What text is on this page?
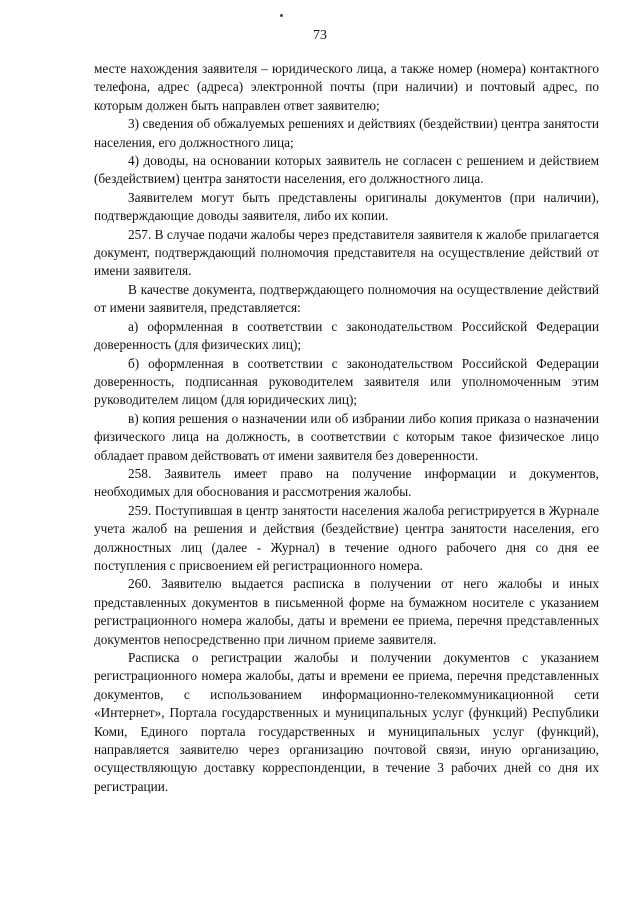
73

месте нахождения заявителя – юридического лица, а также номер (номера) контактного телефона, адрес (адреса) электронной почты (при наличии) и почтовый адрес, по которым должен быть направлен ответ заявителю;

3) сведения об обжалуемых решениях и действиях (бездействии) центра занятости населения, его должностного лица;

4) доводы, на основании которых заявитель не согласен с решением и действием (бездействием) центра занятости населения, его должностного лица.

Заявителем могут быть представлены оригиналы документов (при наличии), подтверждающие доводы заявителя, либо их копии.

257. В случае подачи жалобы через представителя заявителя к жалобе прилагается документ, подтверждающий полномочия представителя на осуществление действий от имени заявителя.

В качестве документа, подтверждающего полномочия на осуществление действий от имени заявителя, представляется:

а) оформленная в соответствии с законодательством Российской Федерации доверенность (для физических лиц);

б) оформленная в соответствии с законодательством Российской Федерации доверенность, подписанная руководителем заявителя или уполномоченным этим руководителем лицом (для юридических лиц);

в) копия решения о назначении или об избрании либо копия приказа о назначении физического лица на должность, в соответствии с которым такое физическое лицо обладает правом действовать от имени заявителя без доверенности.

258. Заявитель имеет право на получение информации и документов, необходимых для обоснования и рассмотрения жалобы.

259. Поступившая в центр занятости населения жалоба регистрируется в Журнале учета жалоб на решения и действия (бездействие) центра занятости населения, его должностных лиц (далее - Журнал) в течение одного рабочего дня со дня ее поступления с присвоением ей регистрационного номера.

260. Заявителю выдается расписка в получении от него жалобы и иных представленных документов в письменной форме на бумажном носителе с указанием регистрационного номера жалобы, даты и времени ее приема, перечня представленных документов непосредственно при личном приеме заявителя.

Расписка о регистрации жалобы и получении документов с указанием регистрационного номера жалобы, даты и времени ее приема, перечня представленных документов, с использованием информационно-телекоммуникационной сети «Интернет», Портала государственных и муниципальных услуг (функций) Республики Коми, Единого портала государственных и муниципальных услуг (функций), направляется заявителю через организацию почтовой связи, иную организацию, осуществляющую доставку корреспонденции, в течение 3 рабочих дней со дня их регистрации.
